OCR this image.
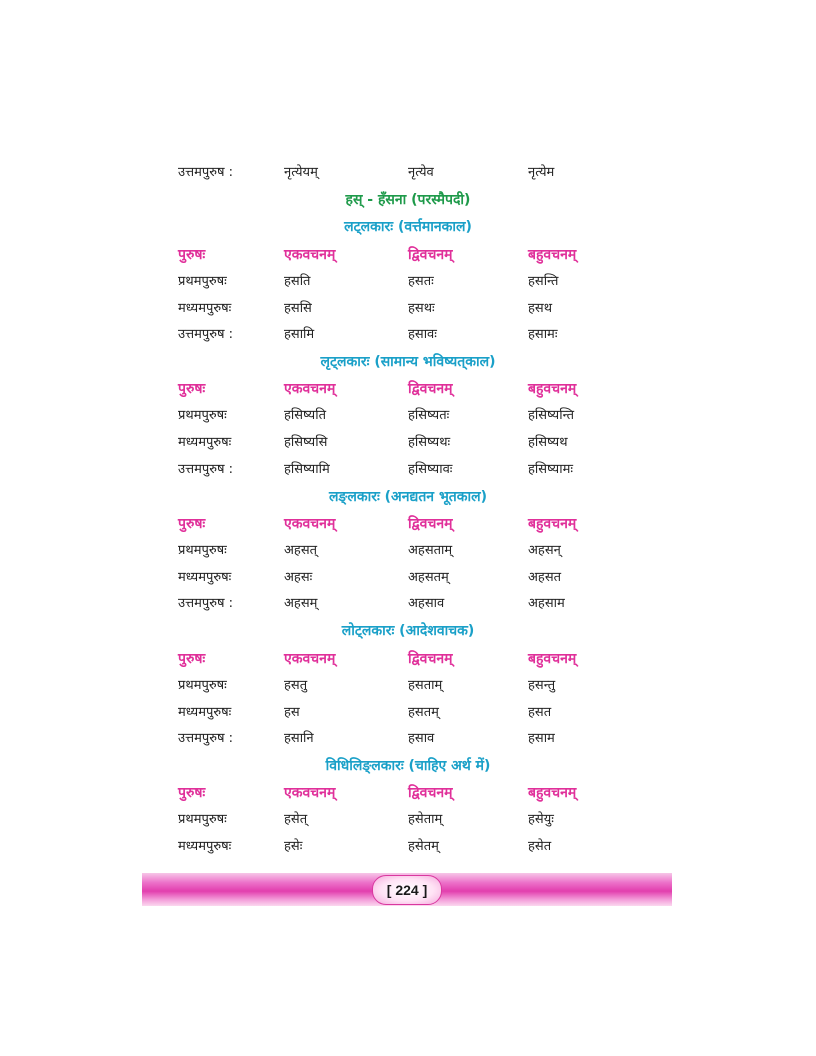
उत्तमपुरुष :	नृत्येयम्	नृत्येव	नृत्येम
हस् - हँसना (परस्मैपदी)
लट्‌लकारः (वर्त्तमानकाल)
पुरुषः	एकवचनम्	द्विवचनम्	बहुवचनम्
प्रथमपुरुषः	हसति	हसतः	हसन्ति
मध्यमपुरुषः	हससि	हसथः	हसथ
उत्तमपुरुष :	हसामि	हसावः	हसामः
लृट्‌लकारः (सामान्य भविष्यत्‌काल)
पुरुषः	एकवचनम्	द्विवचनम्	बहुवचनम्
प्रथमपुरुषः	हसिष्यति	हसिष्यतः	हसिष्यन्ति
मध्यमपुरुषः	हसिष्यसि	हसिष्यथः	हसिष्यथ
उत्तमपुरुष :	हसिष्यामि	हसिष्यावः	हसिष्यामः
लङ्‌लकारः (अनद्यतन भूतकाल)
पुरुषः	एकवचनम्	द्विवचनम्	बहुवचनम्
प्रथमपुरुषः	अहसत्	अहसताम्	अहसन्
मध्यमपुरुषः	अहसः	अहसतम्	अहसत
उत्तमपुरुष :	अहसम्	अहसाव	अहसाम
लोट्‌लकारः (आदेशवाचक)
पुरुषः	एकवचनम्	द्विवचनम्	बहुवचनम्
प्रथमपुरुषः	हसतु	हसताम्	हसन्तु
मध्यमपुरुषः	हस	हसतम्	हसत
उत्तमपुरुष :	हसानि	हसाव	हसाम
विधिलिङ्‌लकारः (चाहिए अर्थ में)
पुरुषः	एकवचनम्	द्विवचनम्	बहुवचनम्
प्रथमपुरुषः	हसेत्	हसेताम्	हसेयुः
मध्यमपुरुषः	हसेः	हसेतम्	हसेत
[ 224 ]
